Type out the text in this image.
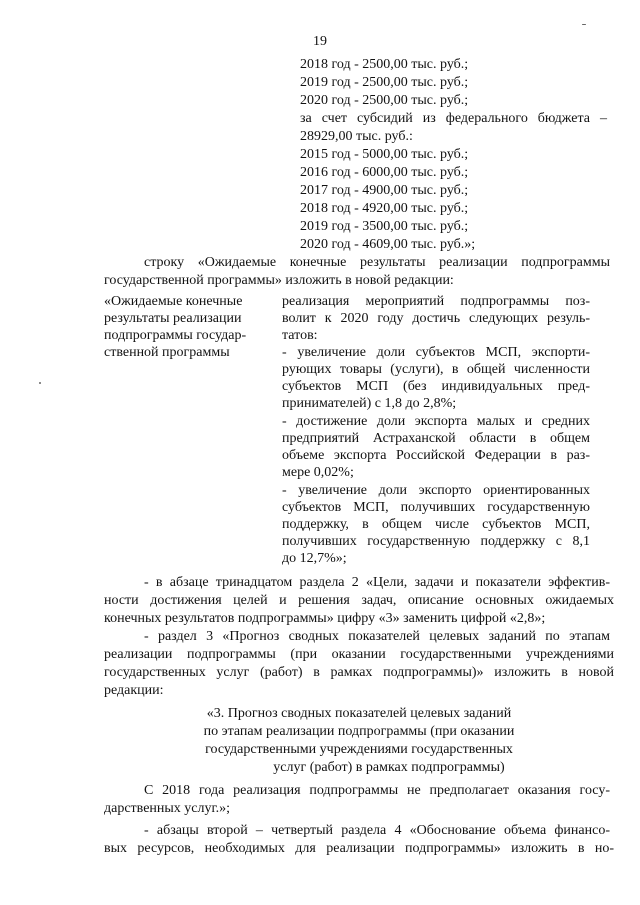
19
2018 год - 2500,00 тыс. руб.;
2019 год - 2500,00 тыс. руб.;
2020 год - 2500,00 тыс. руб.;
за счет субсидий из федерального бюджета –
28929,00 тыс. руб.:
2015 год - 5000,00 тыс. руб.;
2016 год - 6000,00 тыс. руб.;
2017 год - 4900,00 тыс. руб.;
2018 год - 4920,00 тыс. руб.;
2019 год - 3500,00 тыс. руб.;
2020 год - 4609,00 тыс. руб.»;
строку «Ожидаемые конечные результаты реализации подпрограммы
государственной программы» изложить в новой редакции:
«Ожидаемые конечные
результаты реализации
подпрограммы государ-
ственной программы
реализация мероприятий подпрограммы поз-
волит к 2020 году достичь следующих резуль-
татов:
- увеличение доли субъектов МСП, экспорти-
рующих товары (услуги), в общей численности
субъектов МСП (без индивидуальных пред-
принимателей) с 1,8 до 2,8%;
- достижение доли экспорта малых и средних
предприятий Астраханской области в общем
объеме экспорта Российской Федерации в раз-
мере 0,02%;
- увеличение доли экспорто ориентированных
субъектов МСП, получивших государственную
поддержку, в общем числе субъектов МСП,
получивших государственную поддержку с 8,1
до 12,7%»;
- в абзаце тринадцатом раздела 2 «Цели, задачи и показатели эффектив-
ности достижения целей и решения задач, описание основных ожидаемых
конечных результатов подпрограммы» цифру «3» заменить цифрой «2,8»;
- раздел 3 «Прогноз сводных показателей целевых заданий по этапам
реализации подпрограммы (при оказании государственными учреждениями
государственных услуг (работ) в рамках подпрограммы)» изложить в новой
редакции:
«3. Прогноз сводных показателей целевых заданий
по этапам реализации подпрограммы (при оказании
государственными учреждениями государственных
услуг (работ) в рамках подпрограммы)
С 2018 года реализация подпрограммы не предполагает оказания госу-
дарственных услуг.»;
- абзацы второй – четвертый раздела 4 «Обоснование объема финансо-
вых ресурсов, необходимых для реализации подпрограммы» изложить в но-
